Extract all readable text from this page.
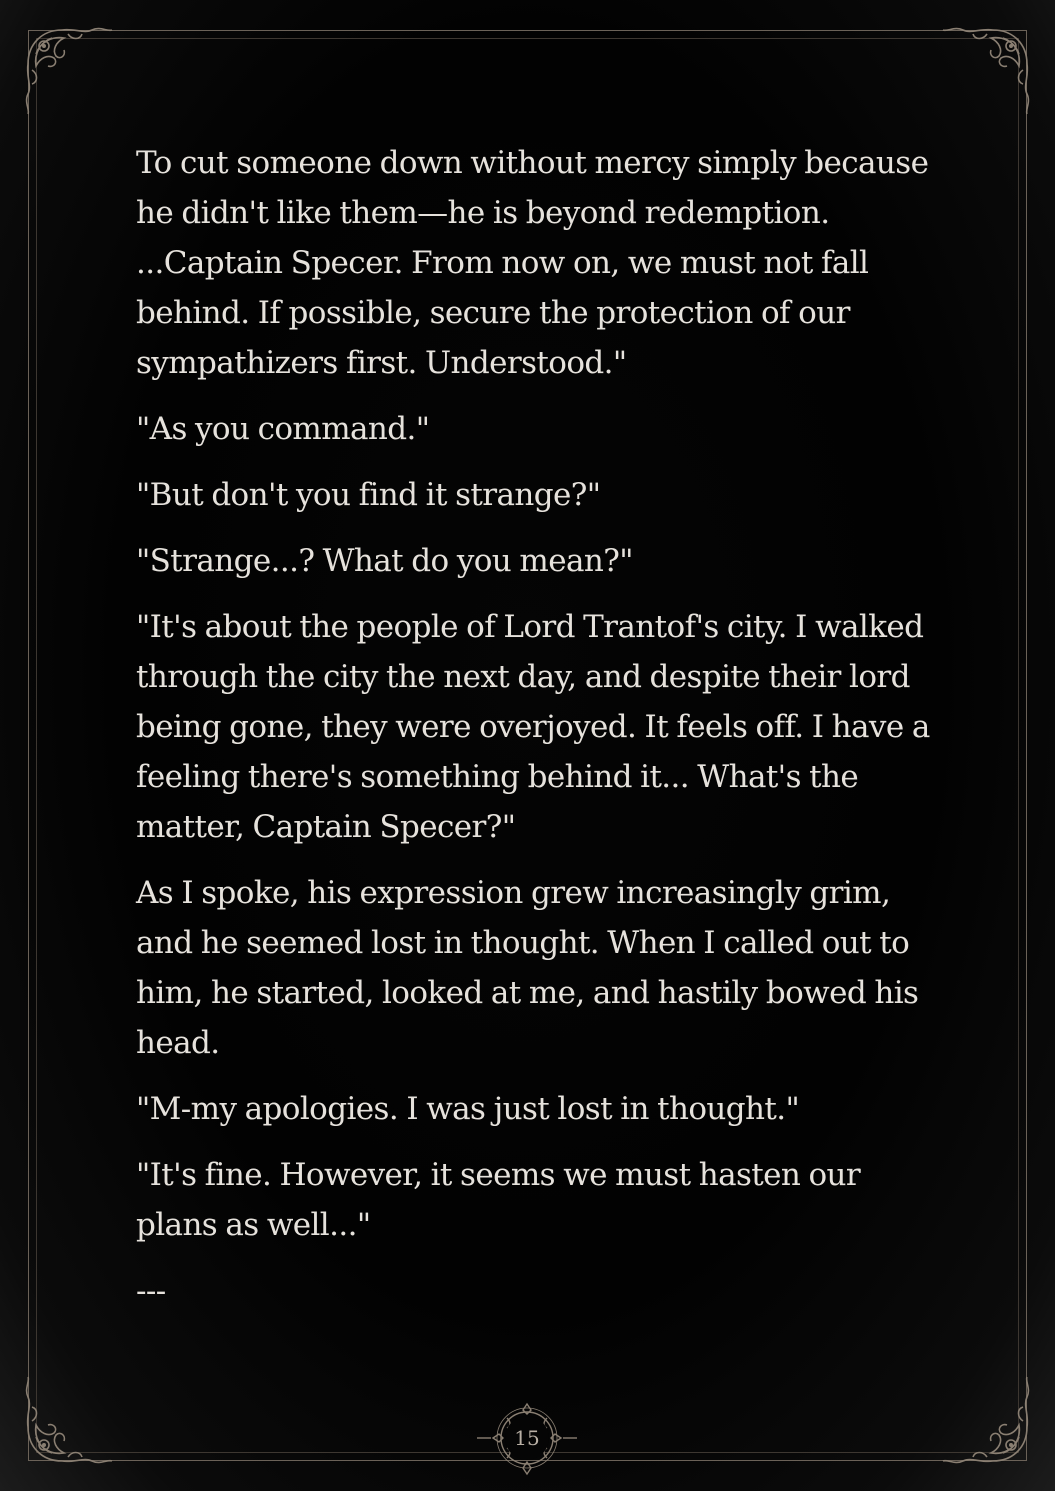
To cut someone down without mercy simply because he didn't like them—he is beyond redemption. ...Captain Specer. From now on, we must not fall behind. If possible, secure the protection of our sympathizers first. Understood."

"As you command."

"But don't you find it strange?"

"Strange...? What do you mean?"

"It's about the people of Lord Trantof's city. I walked through the city the next day, and despite their lord being gone, they were overjoyed. It feels off. I have a feeling there's something behind it... What's the matter, Captain Specer?"

As I spoke, his expression grew increasingly grim, and he seemed lost in thought. When I called out to him, he started, looked at me, and hastily bowed his head.

"M-my apologies. I was just lost in thought."

"It's fine. However, it seems we must hasten our plans as well..."

---

15
